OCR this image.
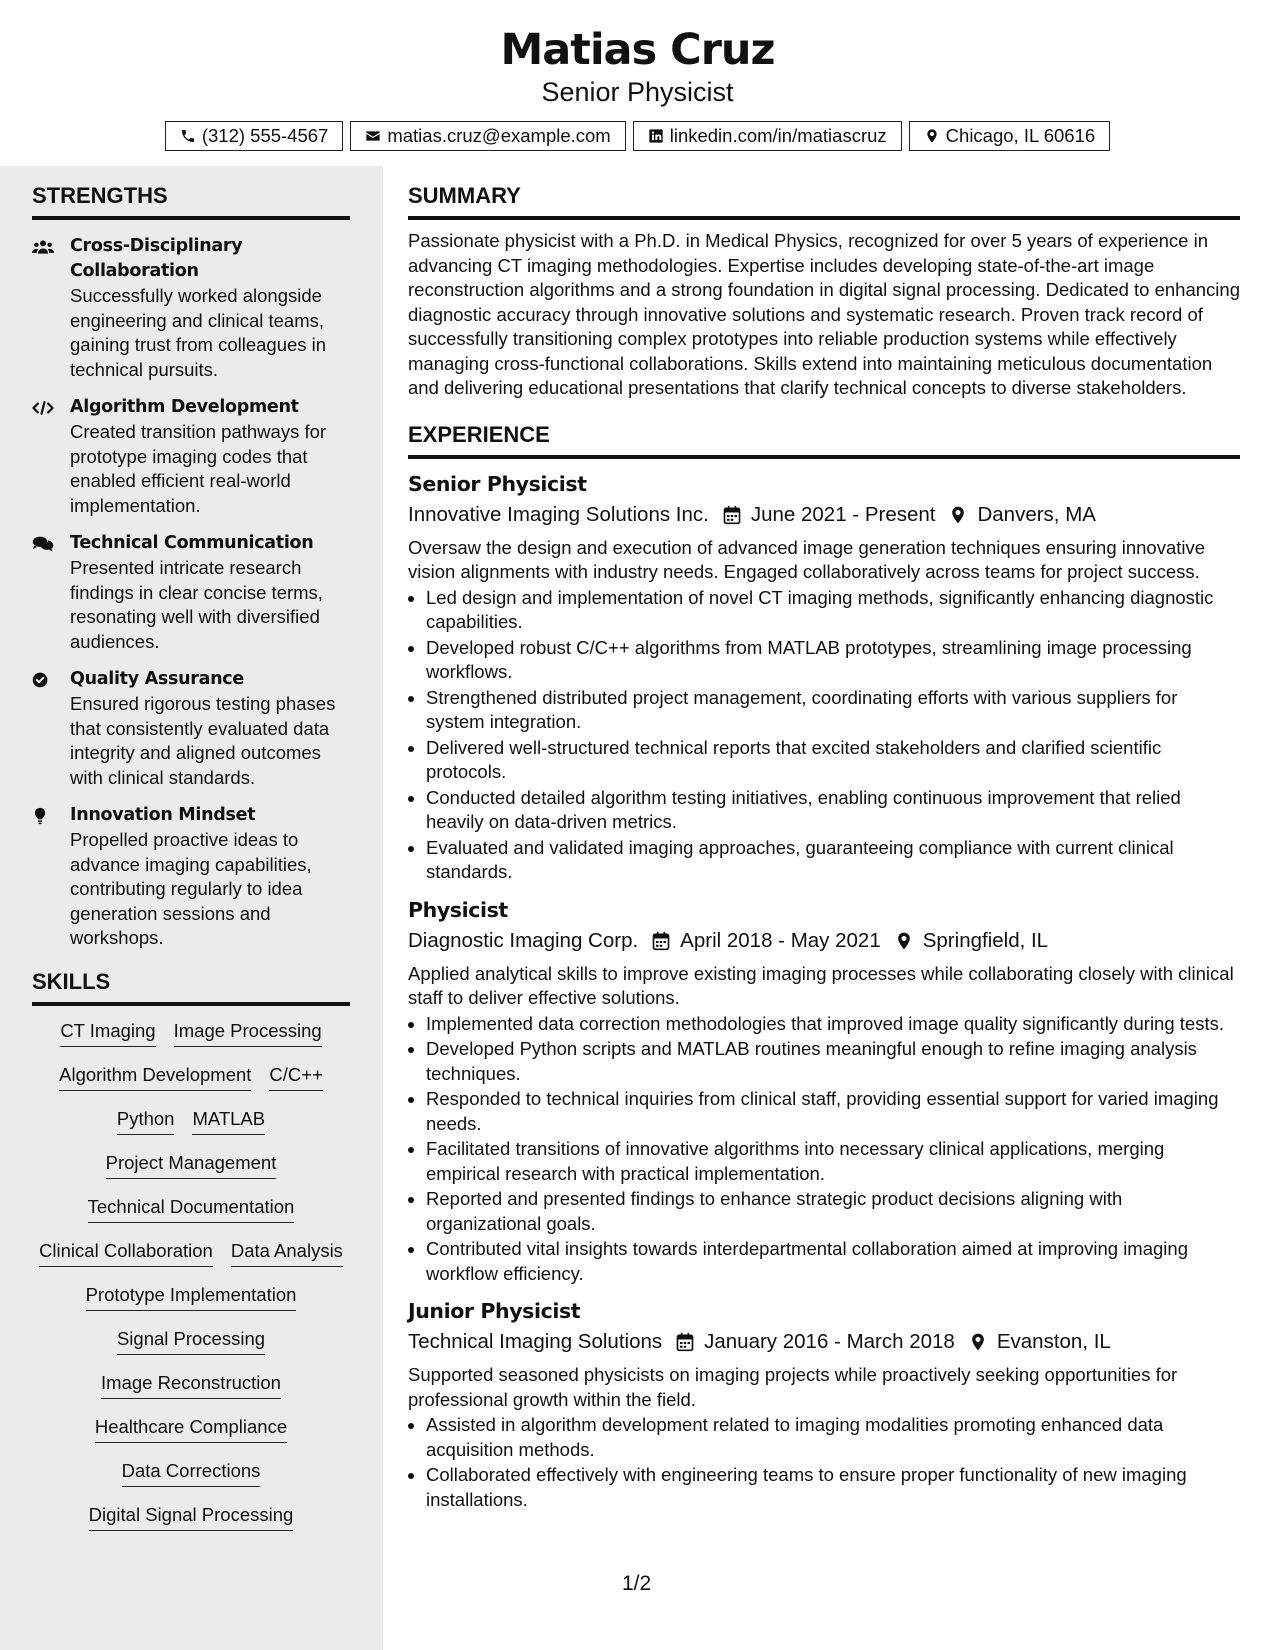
Matias Cruz
Senior Physicist
(312) 555-4567	matias.cruz@example.com	linkedin.com/in/matiascruz	Chicago, IL 60616
STRENGTHS
Cross-Disciplinary Collaboration
Successfully worked alongside engineering and clinical teams, gaining trust from colleagues in technical pursuits.
Algorithm Development
Created transition pathways for prototype imaging codes that enabled efficient real-world implementation.
Technical Communication
Presented intricate research findings in clear concise terms, resonating well with diversified audiences.
Quality Assurance
Ensured rigorous testing phases that consistently evaluated data integrity and aligned outcomes with clinical standards.
Innovation Mindset
Propelled proactive ideas to advance imaging capabilities, contributing regularly to idea generation sessions and workshops.
SKILLS
CT Imaging Image Processing
Algorithm Development C/C++
Python MATLAB
Project Management
Technical Documentation
Clinical Collaboration Data Analysis
Prototype Implementation
Signal Processing
Image Reconstruction
Healthcare Compliance
Data Corrections
Digital Signal Processing
SUMMARY
Passionate physicist with a Ph.D. in Medical Physics, recognized for over 5 years of experience in advancing CT imaging methodologies. Expertise includes developing state-of-the-art image reconstruction algorithms and a strong foundation in digital signal processing. Dedicated to enhancing diagnostic accuracy through innovative solutions and systematic research. Proven track record of successfully transitioning complex prototypes into reliable production systems while effectively managing cross-functional collaborations. Skills extend into maintaining meticulous documentation and delivering educational presentations that clarify technical concepts to diverse stakeholders.
EXPERIENCE
Senior Physicist
Innovative Imaging Solutions Inc. June 2021 - Present Danvers, MA
Oversaw the design and execution of advanced image generation techniques ensuring innovative vision alignments with industry needs. Engaged collaboratively across teams for project success.
• Led design and implementation of novel CT imaging methods, significantly enhancing diagnostic capabilities.
• Developed robust C/C++ algorithms from MATLAB prototypes, streamlining image processing workflows.
• Strengthened distributed project management, coordinating efforts with various suppliers for system integration.
• Delivered well-structured technical reports that excited stakeholders and clarified scientific protocols.
• Conducted detailed algorithm testing initiatives, enabling continuous improvement that relied heavily on data-driven metrics.
• Evaluated and validated imaging approaches, guaranteeing compliance with current clinical standards.
Physicist
Diagnostic Imaging Corp. April 2018 - May 2021 Springfield, IL
Applied analytical skills to improve existing imaging processes while collaborating closely with clinical staff to deliver effective solutions.
• Implemented data correction methodologies that improved image quality significantly during tests.
• Developed Python scripts and MATLAB routines meaningful enough to refine imaging analysis techniques.
• Responded to technical inquiries from clinical staff, providing essential support for varied imaging needs.
• Facilitated transitions of innovative algorithms into necessary clinical applications, merging empirical research with practical implementation.
• Reported and presented findings to enhance strategic product decisions aligning with organizational goals.
• Contributed vital insights towards interdepartmental collaboration aimed at improving imaging workflow efficiency.
Junior Physicist
Technical Imaging Solutions January 2016 - March 2018 Evanston, IL
Supported seasoned physicists on imaging projects while proactively seeking opportunities for professional growth within the field.
• Assisted in algorithm development related to imaging modalities promoting enhanced data acquisition methods.
• Collaborated effectively with engineering teams to ensure proper functionality of new imaging installations.
1/2
